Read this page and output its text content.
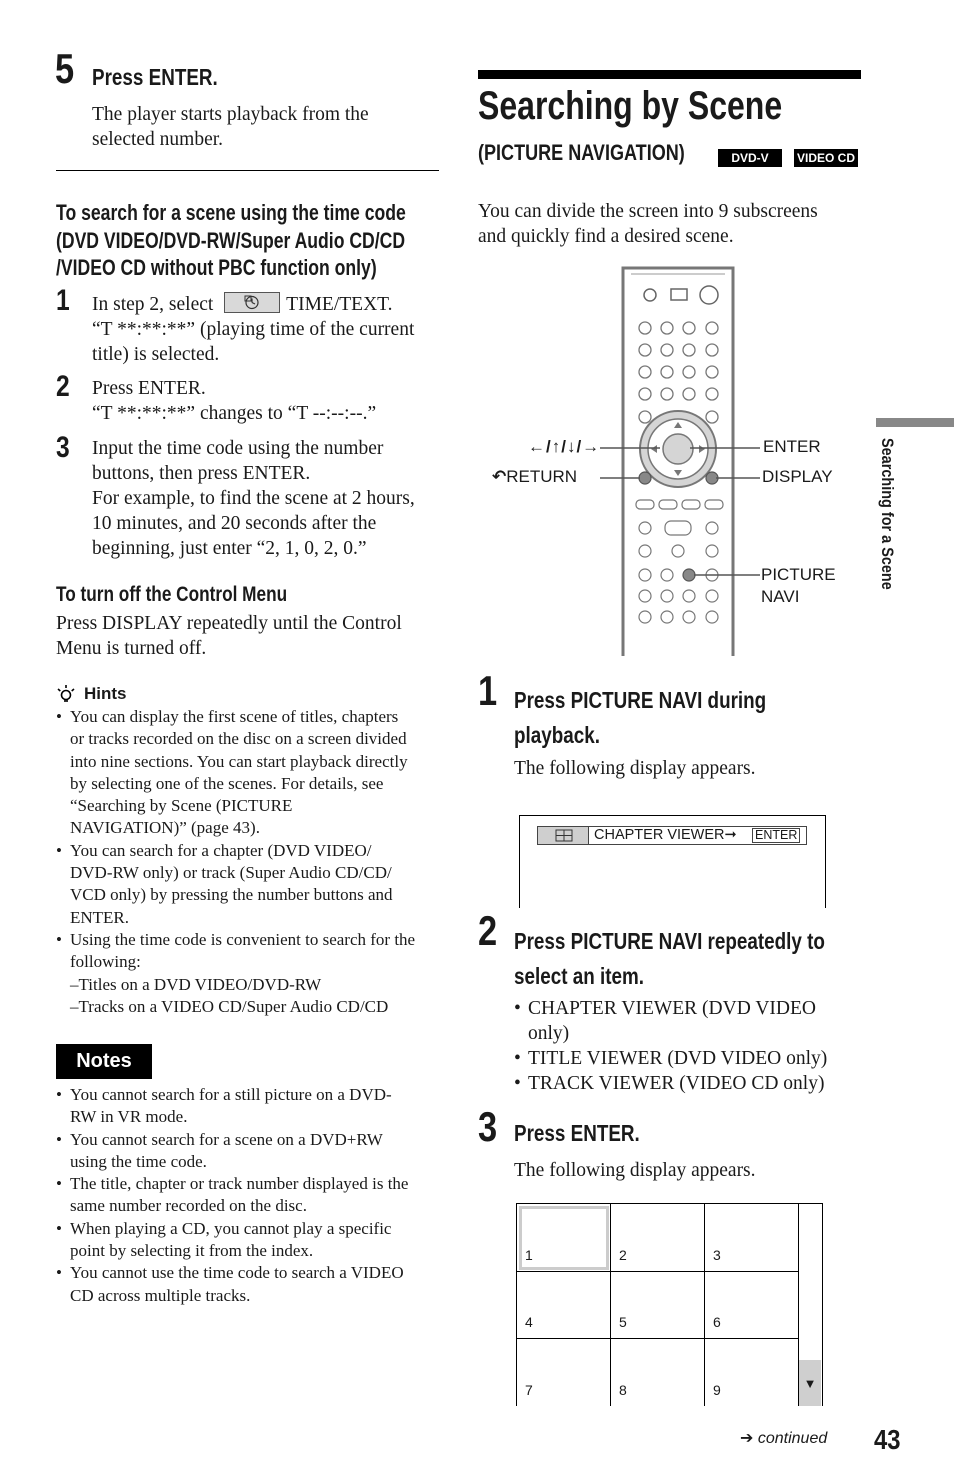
5 Press ENTER.
The player starts playback from the
selected number.
To search for a scene using the time code
(DVD VIDEO/DVD-RW/Super Audio CD/CD
/VIDEO CD without PBC function only)
1 In step 2, select	TIME/TEXT.
“T **:**:**” (playing time of the current
title) is selected.
2 Press ENTER.
“T **:**:**” changes to “T --:--:--.”
3 Input the time code using the number
buttons, then press ENTER.
For example, to find the scene at 2 hours,
10 minutes, and 20 seconds after the
beginning, just enter “2, 1, 0, 2, 0.”
To turn off the Control Menu
Press DISPLAY repeatedly until the Control
Menu is turned off.
Hints
• You can display the first scene of titles, chapters
or tracks recorded on the disc on a screen divided
into nine sections. You can start playback directly
by selecting one of the scenes. For details, see
“Searching by Scene (PICTURE
NAVIGATION)” (page 43).
• You can search for a chapter (DVD VIDEO/
DVD-RW only) or track (Super Audio CD/CD/
VCD only) by pressing the number buttons and
ENTER.
• Using the time code is convenient to search for the
following:
–Titles on a DVD VIDEO/DVD-RW
–Tracks on a VIDEO CD/Super Audio CD/CD
Notes
• You cannot search for a still picture on a DVD-
RW in VR mode.
• You cannot search for a scene on a DVD+RW
using the time code.
• The title, chapter or track number displayed is the
same number recorded on the disc.
• When playing a CD, you cannot play a specific
point by selecting it from the index.
• You cannot use the time code to search a VIDEO
CD across multiple tracks.
Searching by Scene
(PICTURE NAVIGATION)	DVD-V	VIDEO CD
You can divide the screen into 9 subscreens
and quickly find a desired scene.
←/↑/↓/→
↶RETURN
ENTER
DISPLAY
PICTURE
NAVI
1 Press PICTURE NAVI during
playback.
The following display appears.
CHAPTER VIEWER➞ ENTER
2 Press PICTURE NAVI repeatedly to
select an item.
• CHAPTER VIEWER (DVD VIDEO
only)
• TITLE VIEWER (DVD VIDEO only)
• TRACK VIEWER (VIDEO CD only)
3 Press ENTER.
The following display appears.
1	2	3
4	5	6
7	8	9	▼
Searching for a Scene
➔ continued 43
